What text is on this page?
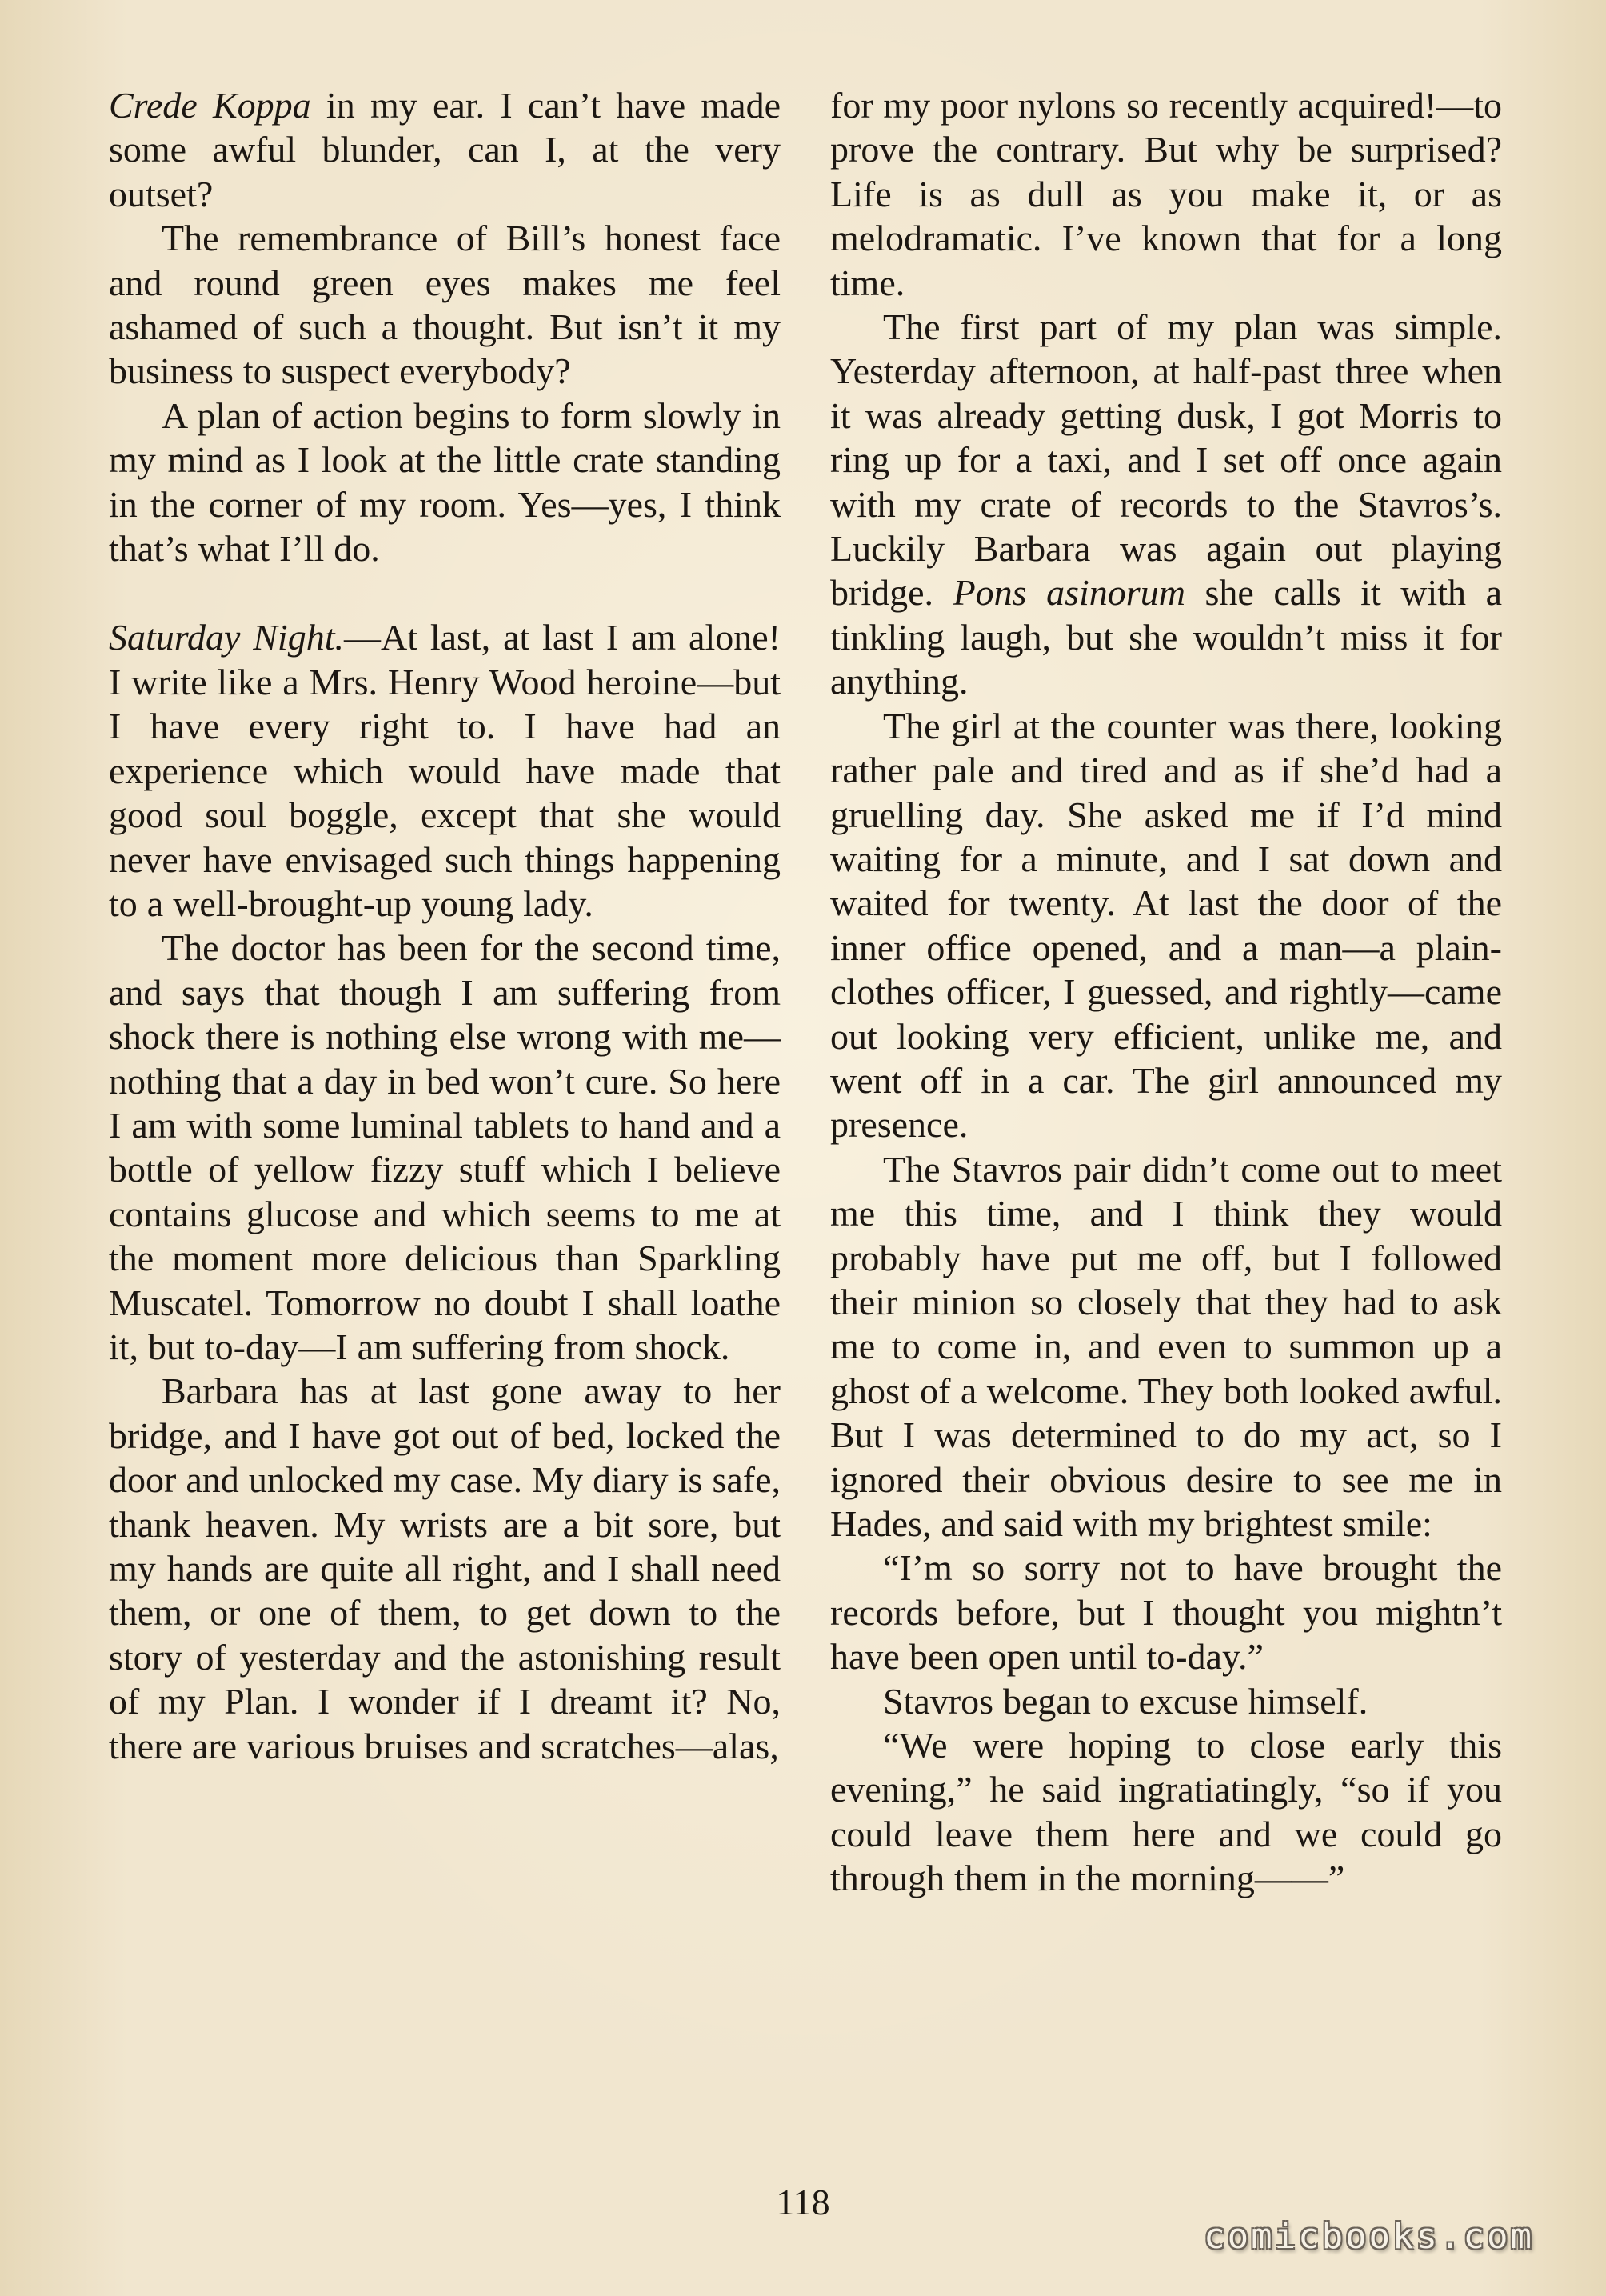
Crede Koppa in my ear. I can’t have made some awful blunder, can I, at the very outset?

The remembrance of Bill’s honest face and round green eyes makes me feel ashamed of such a thought. But isn’t it my business to suspect everybody?

A plan of action begins to form slowly in my mind as I look at the little crate standing in the corner of my room. Yes—yes, I think that’s what I’ll do.

Saturday Night.—At last, at last I am alone! I write like a Mrs. Henry Wood heroine—but I have every right to. I have had an experience which would have made that good soul boggle, except that she would never have envisaged such things happening to a well-brought-up young lady.

The doctor has been for the second time, and says that though I am suffering from shock there is nothing else wrong with me—nothing that a day in bed won’t cure. So here I am with some luminal tablets to hand and a bottle of yellow fizzy stuff which I believe contains glucose and which seems to me at the moment more delicious than Sparkling Muscatel. Tomorrow no doubt I shall loathe it, but to-day—I am suffering from shock.

Barbara has at last gone away to her bridge, and I have got out of bed, locked the door and unlocked my case. My diary is safe, thank heaven. My wrists are a bit sore, but my hands are quite all right, and I shall need them, or one of them, to get down to the story of yesterday and the astonishing result of my Plan. I wonder if I dreamt it? No, there are various bruises and scratches—alas,

for my poor nylons so recently acquired!—to prove the contrary. But why be surprised? Life is as dull as you make it, or as melodramatic. I’ve known that for a long time.

The first part of my plan was simple. Yesterday afternoon, at half-past three when it was already getting dusk, I got Morris to ring up for a taxi, and I set off once again with my crate of records to the Stavros’s. Luckily Barbara was again out playing bridge. Pons asinorum she calls it with a tinkling laugh, but she wouldn’t miss it for anything.

The girl at the counter was there, looking rather pale and tired and as if she’d had a gruelling day. She asked me if I’d mind waiting for a minute, and I sat down and waited for twenty. At last the door of the inner office opened, and a man—a plain-clothes officer, I guessed, and rightly—came out looking very efficient, unlike me, and went off in a car. The girl announced my presence.

The Stavros pair didn’t come out to meet me this time, and I think they would probably have put me off, but I followed their minion so closely that they had to ask me to come in, and even to summon up a ghost of a welcome. They both looked awful. But I was determined to do my act, so I ignored their obvious desire to see me in Hades, and said with my brightest smile:

“I’m so sorry not to have brought the records before, but I thought you mightn’t have been open until to-day.”

Stavros began to excuse himself.

“We were hoping to close early this evening,” he said ingratiatingly, “so if you could leave them here and we could go through them in the morning——”

118
comicbooks.com
